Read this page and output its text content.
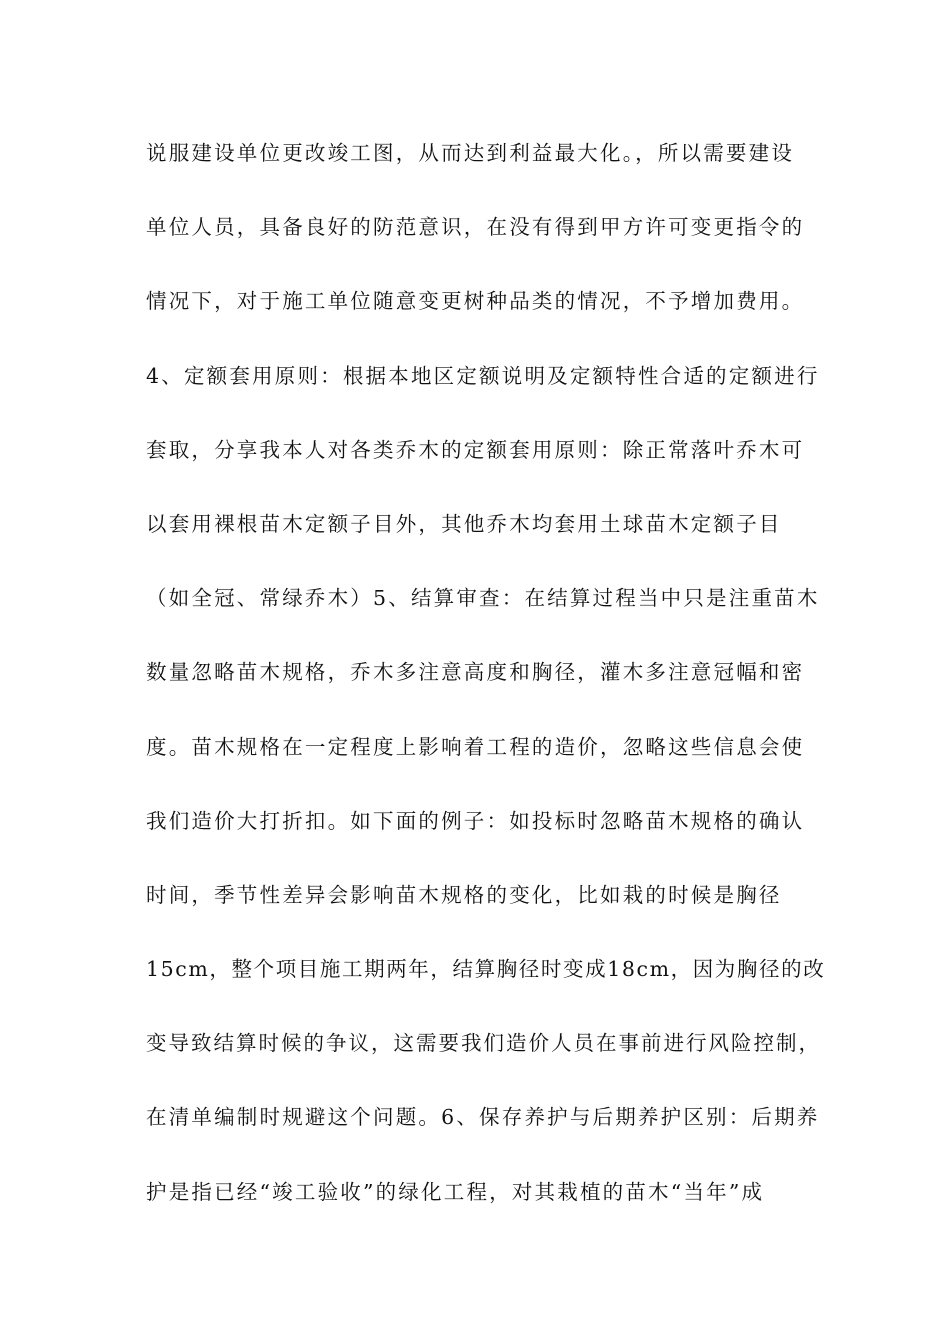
说服建设单位更改竣工图，从而达到利益最大化。，所以需要建设
单位人员，具备良好的防范意识，在没有得到甲方许可变更指令的
情况下，对于施工单位随意变更树种品类的情况，不予增加费用。
4、定额套用原则：根据本地区定额说明及定额特性合适的定额进行
套取，分享我本人对各类乔木的定额套用原则：除正常落叶乔木可
以套用裸根苗木定额子目外，其他乔木均套用土球苗木定额子目
（如全冠、常绿乔木）5、结算审查：在结算过程当中只是注重苗木
数量忽略苗木规格，乔木多注意高度和胸径，灌木多注意冠幅和密
度。苗木规格在一定程度上影响着工程的造价，忽略这些信息会使
我们造价大打折扣。如下面的例子：如投标时忽略苗木规格的确认
时间，季节性差异会影响苗木规格的变化，比如栽的时候是胸径
15cm，整个项目施工期两年，结算胸径时变成18cm，因为胸径的改
变导致结算时候的争议，这需要我们造价人员在事前进行风险控制，
在清单编制时规避这个问题。6、保存养护与后期养护区别：后期养
护是指已经“竣工验收”的绿化工程，对其栽植的苗木“当年”成
